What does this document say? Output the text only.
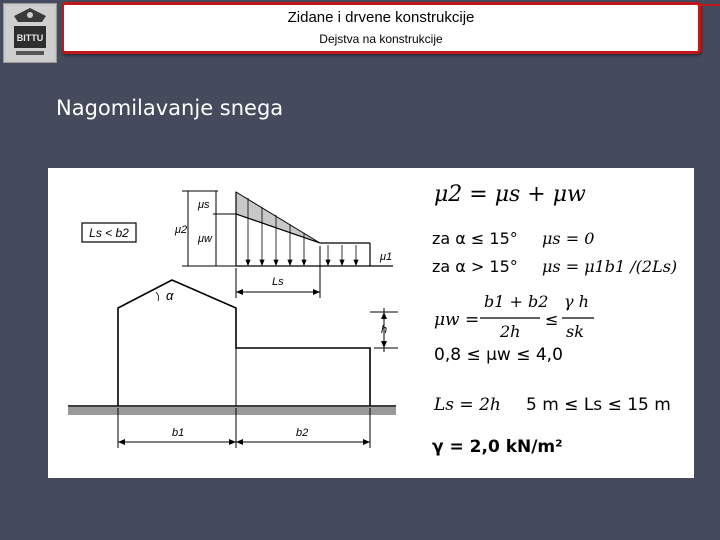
BITTU
Zidane i drvene konstrukcije
Dejstva na konstrukcije
Nagomilavanje snega
Ls < b2	μ2
μs
μw
μ1
Ls
α
h
b1	b2
μ2 = μs + μw
za α ≤ 15° μs = 0
za α > 15° μs = μ1b1 /(2Ls)
μw =
b1 + b2
2h
≤
γ h
sk
0,8 ≤ μw ≤ 4,0
Ls = 2h 5 m ≤ Ls ≤ 15 m
γ = 2,0 kN/m²
